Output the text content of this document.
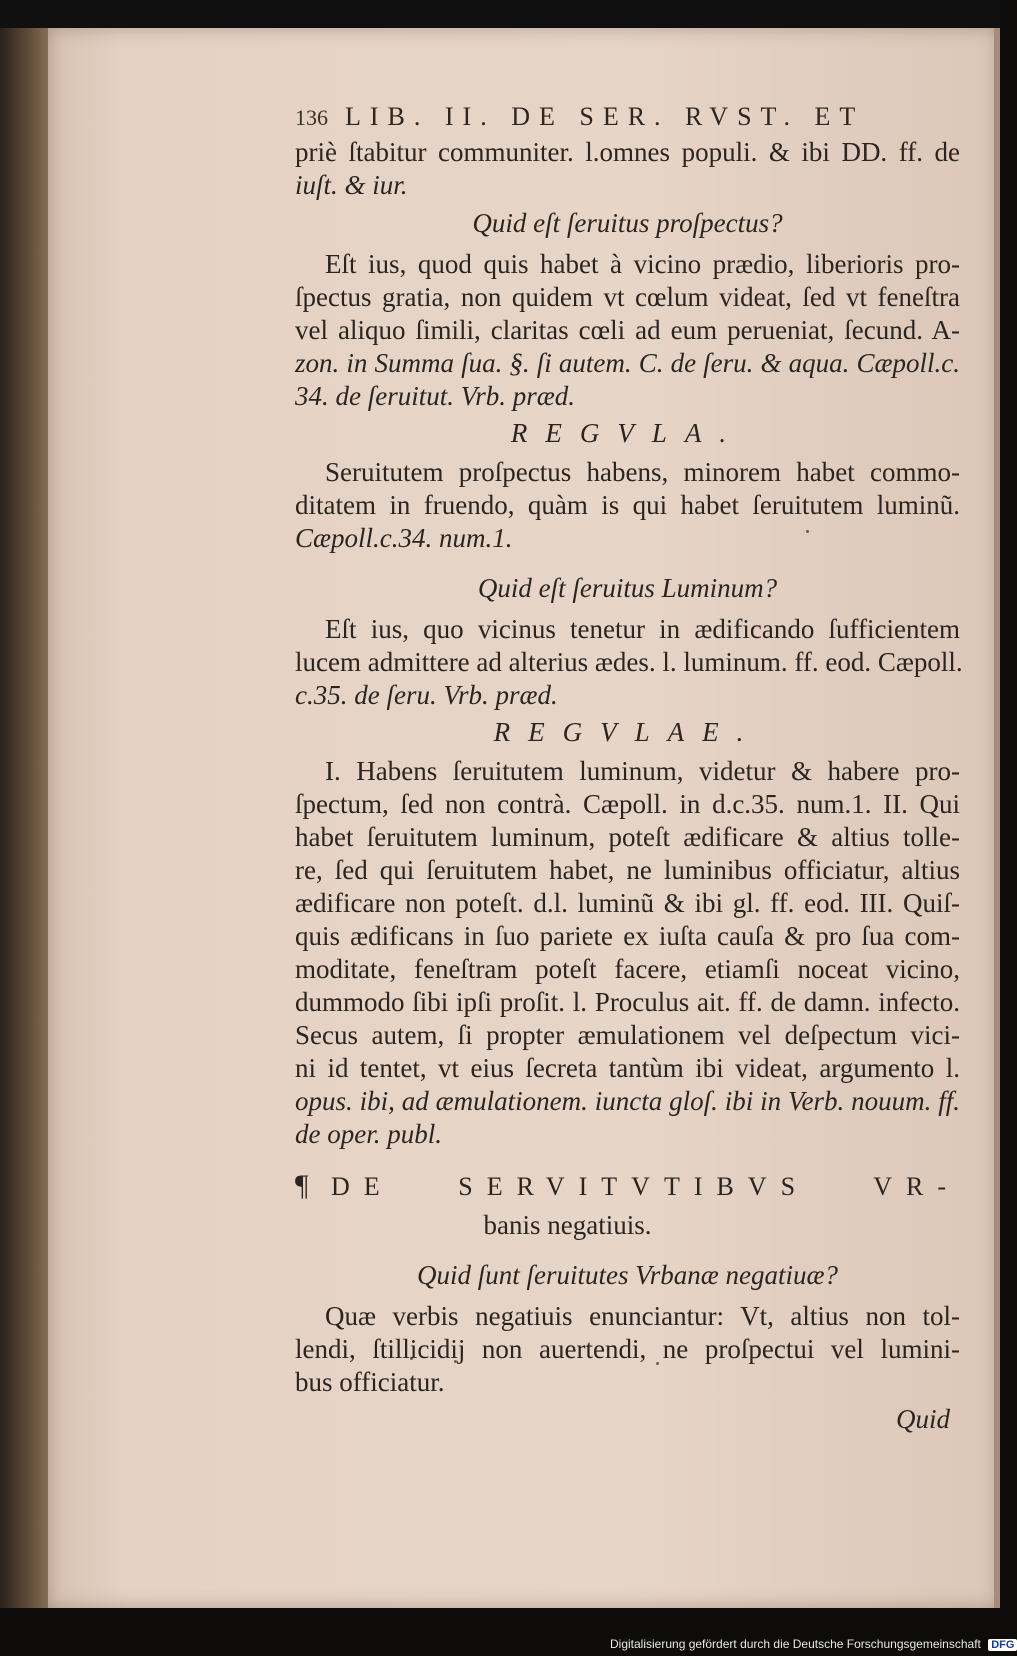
136 LIB. II. DE SER. RVST. ET
priè ſtabitur communiter. l.omnes populi. & ibi DD. ff. de
iuſt. & iur.
Quid eſt ſeruitus proſpectus?
Eſt ius, quod quis habet à vicino prædio, liberioris pro-
ſpectus gratia, non quidem vt cœlum videat, ſed vt feneſtra
vel aliquo ſimili, claritas cœli ad eum perueniat, ſecund. A-
zon. in Summa ſua. §. ſi autem. C. de ſeru. & aqua. Cæpoll.c.
34. de ſeruitut. Vrb. præd.
REGVLA.
Seruitutem proſpectus habens, minorem habet commo-
ditatem in fruendo, quàm is qui habet ſeruitutem luminũ.
Cæpoll.c.34. num.1.
Quid eſt ſeruitus Luminum?
Eſt ius, quo vicinus tenetur in ædificando ſufficientem
lucem admittere ad alterius ædes. l. luminum. ff. eod. Cæpoll.
c.35. de ſeru. Vrb. præd.
REGVLAE.
I. Habens ſeruitutem luminum, videtur & habere pro-
ſpectum, ſed non contrà. Cæpoll. in d.c.35. num.1. II. Qui
habet ſeruitutem luminum, poteſt ædificare & altius tolle-
re, ſed qui ſeruitutem habet, ne luminibus officiatur, altius
ædificare non poteſt. d.l. luminũ & ibi gl. ff. eod. III. Quiſ-
quis ædificans in ſuo pariete ex iuſta cauſa & pro ſua com-
moditate, feneſtram poteſt facere, etiamſi noceat vicino,
dummodo ſibi ipſi proſit. l. Proculus ait. ff. de damn. infecto.
Secus autem, ſi propter æmulationem vel deſpectum vici-
ni id tentet, vt eius ſecreta tantùm ibi videat, argumento l.
opus. ibi, ad æmulationem. iuncta gloſ. ibi in Verb. nouum. ff.
de oper. publ.
¶ DE SERVITVTIBVS VR-
banis negatiuis.
Quid ſunt ſeruitutes Vrbanæ negatiuæ?
Quæ verbis negatiuis enunciantur: Vt, altius non tol-
lendi, ſtillicidij non auertendi, ne proſpectui vel lumini-
bus officiatur.
Quid
Digitalisierung gefördert durch die Deutsche Forschungsgemeinschaft DFG
